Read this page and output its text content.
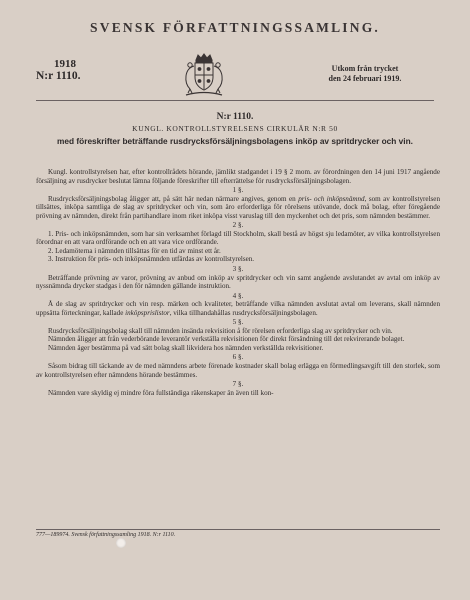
SVENSK FÖRFATTNINGSSAMLING.
1918
N:r 1110.
Utkom från trycket
den 24 februari 1919.
N:r 1110.
KUNGL. KONTROLLSTYRELSENS CIRKULÄR N:R 50
med föreskrifter beträffande rusdrycksförsäljningsbolagens inköp av spritdrycker och vin.

Kungl. kontrollstyrelsen har, efter kontrollrådets hörande, jämlikt stadgandet i 19 § 2 mom. av förordningen den 14 juni 1917 angående försäljning av rusdrycker beslutat lämna följande föreskrifter till efterrättelse för rusdrycksförsäljningsbolagen.

1 §.

Rusdrycksförsäljningsbolag åligger att, på sätt här nedan närmare angives, genom en pris- och inköpsnämnd, som av kontrollstyrelsen tillsättes, inköpa samtliga de slag av spritdrycker och vin, som äro erforderliga för rörelsens utövande, dock må bolag, efter föregående prövning av nämnden, direkt från partihandlare inom riket inköpa visst varuslag till den myckenhet och det pris, som nämnden bestämmer.

2 §.

1. Pris- och inköpsnämnden, som har sin verksamhet förlagd till Stockholm, skall bestå av högst sju ledamöter, av vilka kontrollstyrelsen förordnar en att vara ordförande och en att vara vice ordförande.

2. Ledamöterna i nämnden tillsättas för en tid av minst ett år.

3. Instruktion för pris- och inköpsnämnden utfärdas av kontrollstyrelsen.

3 §.

Beträffande prövning av varor, prövning av anbud om inköp av spritdrycker och vin samt angående avslutandet av avtal om inköp av nyssnämnda drycker stadgas i den för nämnden gällande instruktion.

4 §.

Å de slag av spritdrycker och vin resp. märken och kvaliteter, beträffande vilka nämnden avslutat avtal om leverans, skall nämnden uppsätta förteckningar, kallade inköpsprislistor, vilka tillhandahållas rusdrycksförsäljningsbolagen.

5 §.

Rusdrycksförsäljningsbolag skall till nämnden insända rekvisition å för rörelsen erforderliga slag av spritdrycker och vin.

Nämnden åligger att från vederbörande leverantör verkställa rekvisitionen för direkt försändning till det rekvirerande bolaget.

Nämnden äger bestämma på vad sätt bolag skall likvidera hos nämnden verkställda rekvisitioner.

6 §.

Såsom bidrag till täckande av de med nämndens arbete förenade kostnader skall bolag erlägga en förmedlingsavgift till den storlek, som av kontrollstyrelsen efter nämndens hörande bestämmes.

7 §.

Nämnden vare skyldig ej mindre föra fullständiga räkenskaper än även till kon-

777—189974. Svensk författningssamling 1918. N:r 1110.
